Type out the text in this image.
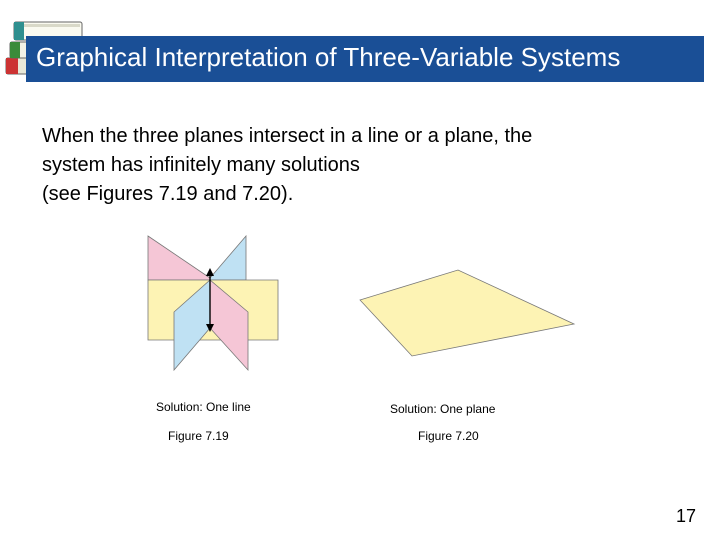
Graphical Interpretation of Three-Variable Systems
When the three planes intersect in a line or a plane, the
system has infinitely many solutions
(see Figures 7.19 and 7.20).
Solution: One line
Figure 7.19
Solution: One plane
Figure 7.20
17
